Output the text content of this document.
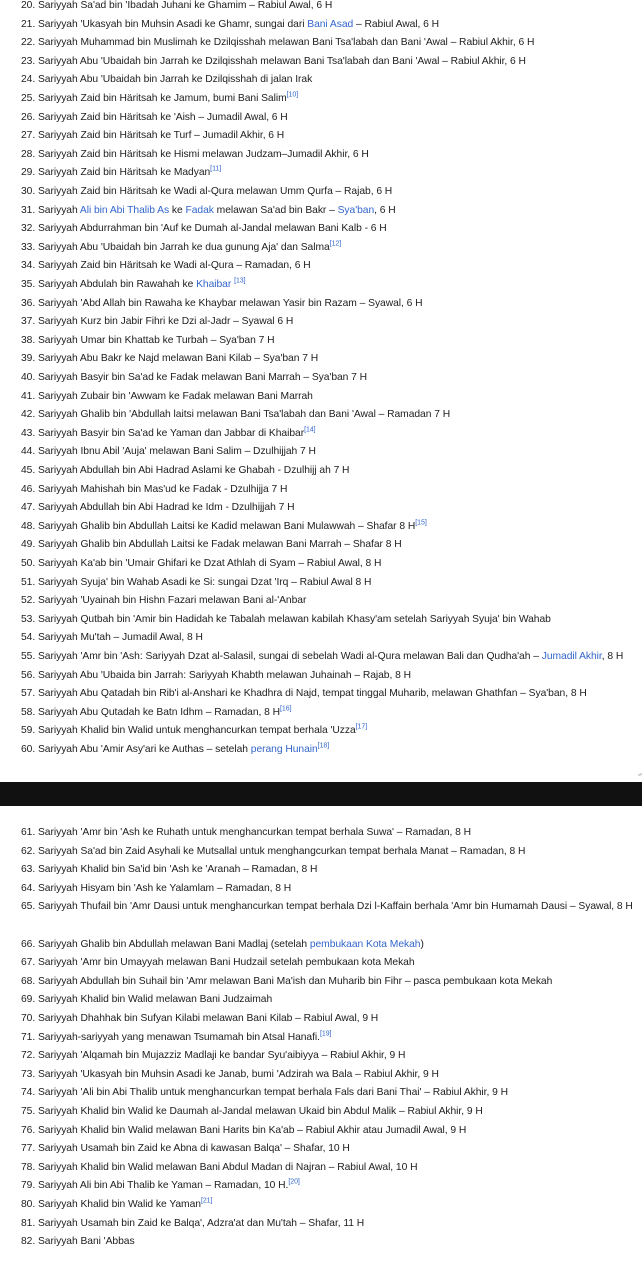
20. Sariyyah Sa'ad bin 'Ibadah Juhani ke Ghamim – Rabiul Awal, 6 H
21. Sariyyah 'Ukasyah bin Muhsin Asadi ke Ghamr, sungai dari Bani Asad – Rabiul Awal, 6 H
22. Sariyyah Muhammad bin Muslimah ke Dzilqisshah melawan Bani Tsa'labah dan Bani 'Awal – Rabiul Akhir, 6 H
23. Sariyyah Abu 'Ubaidah bin Jarrah ke Dzilqisshah melawan Bani Tsa'labah dan Bani 'Awal – Rabiul Akhir, 6 H
24. Sariyyah Abu 'Ubaidah bin Jarrah ke Dzilqisshah di jalan Irak
25. Sariyyah Zaid bin Häritsah ke Jamum, bumi Bani Salim[10]
26. Sariyyah Zaid bin Häritsah ke 'Aish – Jumadil Awal, 6 H
27. Sariyyah Zaid bin Häritsah ke Turf – Jumadil Akhir, 6 H
28. Sariyyah Zaid bin Häritsah ke Hismi melawan Judzam–Jumadil Akhir, 6 H
29. Sariyyah Zaid bin Häritsah ke Madyan[11]
30. Sariyyah Zaid bin Häritsah ke Wadi al-Qura melawan Umm Qurfa – Rajab, 6 H
31. Sariyyah Ali bin Abi Thalib As ke Fadak melawan Sa'ad bin Bakr – Sya'ban, 6 H
32. Sariyyah Abdurrahman bin 'Auf ke Dumah al-Jandal melawan Bani Kalb - 6 H
33. Sariyyah Abu 'Ubaidah bin Jarrah ke dua gunung Aja' dan Salma[12]
34. Sariyyah Zaid bin Häritsah ke Wadi al-Qura – Ramadan, 6 H
35. Sariyyah Abdulah bin Rawahah ke Khaibar [13]
36. Sariyyah 'Abd Allah bin Rawaha ke Khaybar melawan Yasir bin Razam – Syawal, 6 H
37. Sariyyah Kurz bin Jabir Fihri ke Dzi al-Jadr – Syawal 6 H
38. Sariyyah Umar bin Khattab ke Turbah – Sya'ban 7 H
39. Sariyyah Abu Bakr ke Najd melawan Bani Kilab – Sya'ban 7 H
40. Sariyyah Basyir bin Sa'ad ke Fadak melawan Bani Marrah – Sya'ban 7 H
41. Sariyyah Zubair bin 'Awwam ke Fadak melawan Bani Marrah
42. Sariyyah Ghalib bin 'Abdullah laitsi melawan Bani Tsa'labah dan Bani 'Awal – Ramadan 7 H
43. Sariyyah Basyir bin Sa'ad ke Yaman dan Jabbar di Khaibar[14]
44. Sariyyah Ibnu Abil 'Auja' melawan Bani Salim – Dzulhijjah 7 H
45. Sariyyah Abdullah bin Abi Hadrad Aslami ke Ghabah - Dzulhijj ah 7 H
46. Sariyyah Mahishah bin Mas'ud ke Fadak - Dzulhijja 7 H
47. Sariyyah Abdullah bin Abi Hadrad ke Idm - Dzulhijjah 7 H
48. Sariyyah Ghalib bin Abdullah Laitsi ke Kadid melawan Bani Mulawwah – Shafar 8 H[15]
49. Sariyyah Ghalib bin Abdullah Laitsi ke Fadak melawan Bani Marrah – Shafar 8 H
50. Sariyyah Ka'ab bin 'Umair Ghifari ke Dzat Athlah di Syam – Rabiul Awal, 8 H
51. Sariyyah Syuja' bin Wahab Asadi ke Si: sungai Dzat 'Irq – Rabiul Awal 8 H
52. Sariyyah 'Uyainah bin Hishn Fazari melawan Bani al-'Anbar
53. Sariyyah Qutbah bin 'Amir bin Hadidah ke Tabalah melawan kabilah Khasy'am setelah Sariyyah Syuja' bin Wahab
54. Sariyyah Mu'tah – Jumadil Awal, 8 H
55. Sariyyah 'Amr bin 'Ash: Sariyyah Dzat al-Salasil, sungai di sebelah Wadi al-Qura melawan Bali dan Qudha'ah – Jumadil Akhir, 8 H
56. Sariyyah Abu 'Ubaida bin Jarrah: Sariyyah Khabth melawan Juhainah – Rajab, 8 H
57. Sariyyah Abu Qatadah bin Rib'i al-Anshari ke Khadhra di Najd, tempat tinggal Muharib, melawan Ghathfan – Sya'ban, 8 H
58. Sariyyah Abu Qutadah ke Batn Idhm – Ramadan, 8 H[16]
59. Sariyyah Khalid bin Walid untuk menghancurkan tempat berhala 'Uzza[17]
60. Sariyyah Abu 'Amir Asy'ari ke Authas – setelah perang Hunain[18]
61. Sariyyah 'Amr bin 'Ash ke Ruhath untuk menghancurkan tempat berhala Suwa' – Ramadan, 8 H
62. Sariyyah Sa'ad bin Zaid Asyhali ke Mutsallal untuk menghangcurkan tempat berhala Manat – Ramadan, 8 H
63. Sariyyah Khalid bin Sa'id bin 'Ash ke 'Aranah – Ramadan, 8 H
64. Sariyyah Hisyam bin 'Ash ke Yalamlam – Ramadan, 8 H
65. Sariyyah Thufail bin 'Amr Dausi untuk menghancurkan tempat berhala Dzi l-Kaffain berhala 'Amr bin Humamah Dausi – Syawal, 8 H
66. Sariyyah Ghalib bin Abdullah melawan Bani Madlaj (setelah pembukaan Kota Mekah)
67. Sariyyah 'Amr bin Umayyah melawan Bani Hudzail setelah pembukaan kota Mekah
68. Sariyyah Abdullah bin Suhail bin 'Amr melawan Bani Ma'ish dan Muharib bin Fihr – pasca pembukaan kota Mekah
69. Sariyyah Khalid bin Walid melawan Bani Judzaimah
70. Sariyyah Dhahhak bin Sufyan Kilabi melawan Bani Kilab – Rabiul Awal, 9 H
71. Sariyyah-sariyyah yang menawan Tsumamah bin Atsal Hanafi.[19]
72. Sariyyah 'Alqamah bin Mujazziz Madlaji ke bandar Syu'aibiyya – Rabiul Akhir, 9 H
73. Sariyyah 'Ukasyah bin Muhsin Asadi ke Janab, bumi 'Adzirah wa Bala – Rabiul Akhir, 9 H
74. Sariyyah 'Ali bin Abi Thalib untuk menghancurkan tempat berhala Fals dari Bani Thai' – Rabiul Akhir, 9 H
75. Sariyyah Khalid bin Walid ke Daumah al-Jandal melawan Ukaid bin Abdul Malik – Rabiul Akhir, 9 H
76. Sariyyah Khalid bin Walid melawan Bani Harits bin Ka'ab – Rabiul Akhir atau Jumadil Awal, 9 H
77. Sariyyah Usamah bin Zaid ke Abna di kawasan Balqa' – Shafar, 10 H
78. Sariyyah Khalid bin Walid melawan Bani Abdul Madan di Najran – Rabiul Awal, 10 H
79. Sariyyah Ali bin Abi Thalib ke Yaman – Ramadan, 10 H.[20]
80. Sariyyah Khalid bin Walid ke Yaman[21]
81. Sariyyah Usamah bin Zaid ke Balqa', Adzra'at dan Mu'tah – Shafar, 11 H
82. Sariyyah Bani 'Abbas
